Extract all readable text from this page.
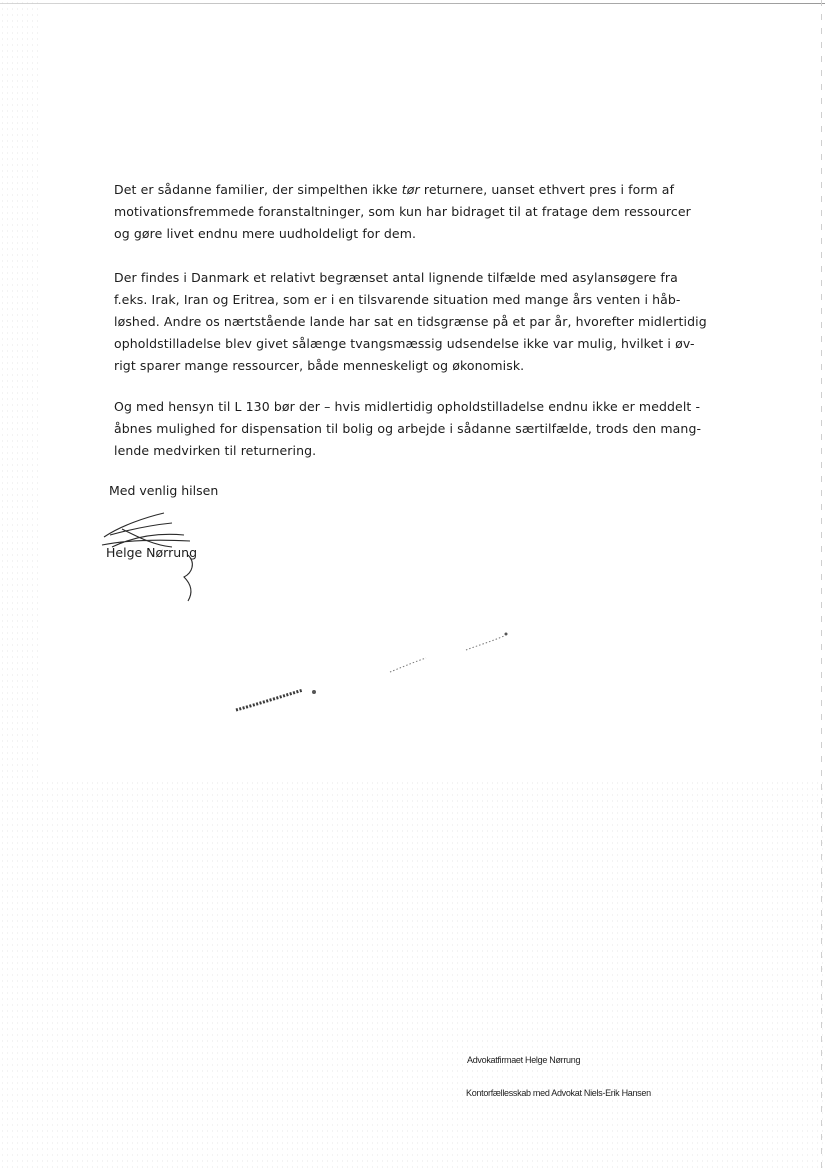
Det er sådanne familier, der simpelthen ikke tør returnere, uanset ethvert pres i form af
motivationsfremmede foranstaltninger, som kun har bidraget til at fratage dem ressourcer
og gøre livet endnu mere uudholdeligt for dem.

Der findes i Danmark et relativt begrænset antal lignende tilfælde med asylansøgere fra
f.eks. Irak, Iran og Eritrea, som er i en tilsvarende situation med mange års venten i håb-
løshed. Andre os nærtstående lande har sat en tidsgrænse på et par år, hvorefter midlertidig
opholdstilladelse blev givet sålænge tvangsmæssig udsendelse ikke var mulig, hvilket i øv-
rigt sparer mange ressourcer, både menneskeligt og økonomisk.

Og med hensyn til L 130 bør der – hvis midlertidig opholdstilladelse endnu ikke er meddelt -
åbnes mulighed for dispensation til bolig og arbejde i sådanne særtilfælde, trods den mang-
lende medvirken til returnering.

Med venlig hilsen
Helge Nørrung
Advokatfirmaet Helge Nørrung
Kontorfællesskab med Advokat Niels-Erik Hansen
